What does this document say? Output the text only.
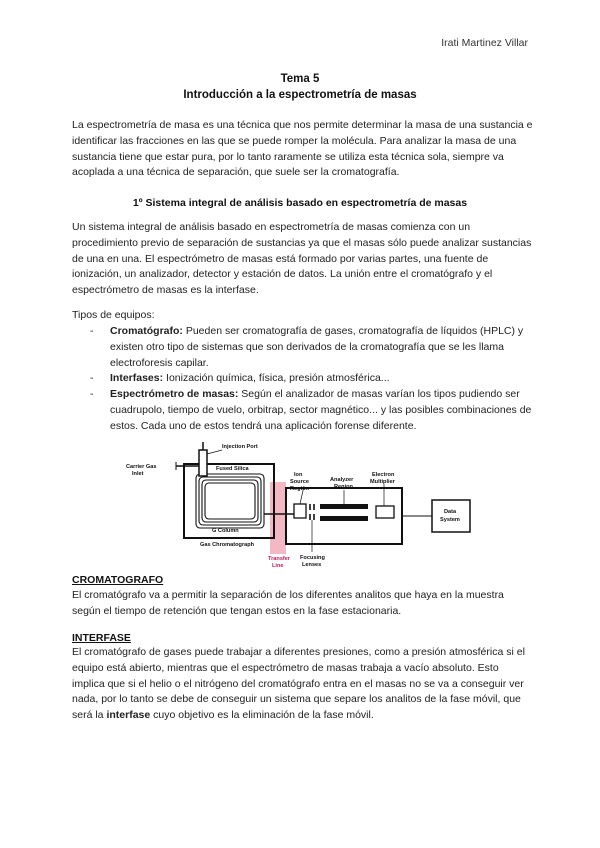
Irati Martinez Villar
Tema 5
Introducción a la espectrometría de masas

La espectrometría de masa es una técnica que nos permite determinar la masa de una sustancia e identificar las fracciones en las que se puede romper la molécula. Para analizar la masa de una sustancia tiene que estar pura, por lo tanto raramente se utiliza esta técnica sola, siempre va acoplada a una técnica de separación, que suele ser la cromatografía.

1º Sistema integral de análisis basado en espectrometría de masas

Un sistema integral de análisis basado en espectrometría de masas comienza con un procedimiento previo de separación de sustancias ya que el masas sólo puede analizar sustancias de una en una. El espectrómetro de masas está formado por varias partes, una fuente de ionización, un analizador, detector y estación de datos. La unión entre el cromatógrafo y el espectrómetro de masas es la interfase.

Tipos de equipos:

- Cromatógrafo: Pueden ser cromatografía de gases, cromatografía de líquidos (HPLC) y existen otro tipo de sistemas que son derivados de la cromatografía que se les llama electroforesis capilar.
- Interfases: Ionización química, física, presión atmosférica...
- Espectrómetro de masas: Según el analizador de masas varían los tipos pudiendo ser cuadrupolo, tiempo de vuelo, orbitrap, sector magnético... y las posibles combinaciones de estos. Cada uno de estos tendrá una aplicación forense diferente.
Carrier Gas
Inlet
Injection Port
Fused Silica
G Column
Gas Chromatograph
Ion
Source
Region
Analyzer
Region
Electron
Multiplier
Data
System
Transfer
Line
Focusing
Lenses
CROMATOGRAFO

El cromatógrafo va a permitir la separación de los diferentes analitos que haya en la muestra según el tiempo de retención que tengan estos en la fase estacionaria.

INTERFASE

El cromatógrafo de gases puede trabajar a diferentes presiones, como a presión atmosférica si el equipo está abierto, mientras que el espectrómetro de masas trabaja a vacío absoluto. Esto implica que si el helio o el nitrógeno del cromatógrafo entra en el masas no se va a conseguir ver nada, por lo tanto se debe de conseguir un sistema que separe los analitos de la fase móvil, que será la interfase cuyo objetivo es la eliminación de la fase móvil.
